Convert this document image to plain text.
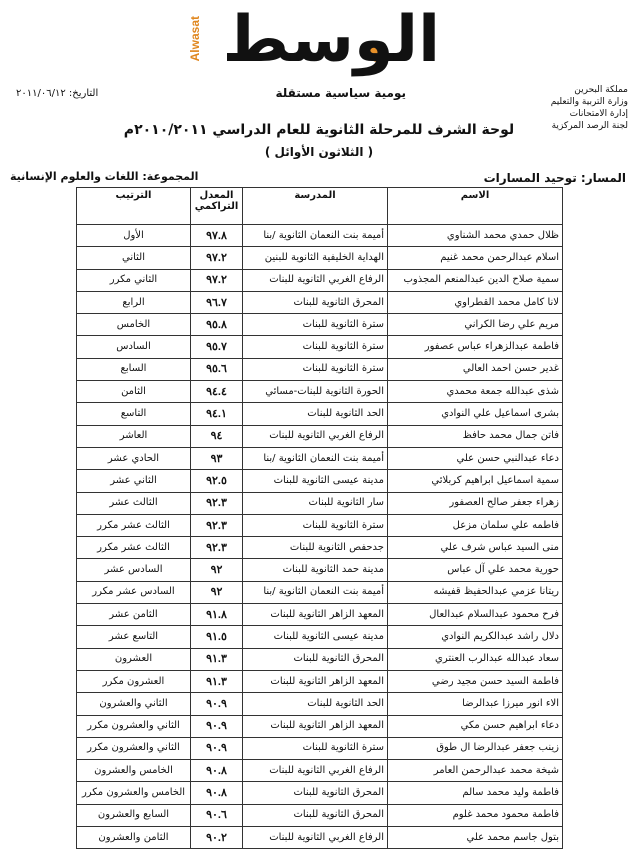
Alwasat الوسط
يومية سياسية مستقلة
التاريخ: ٢٠١١/٠٦/١٢	مملكة البحرين
وزارة التربية والتعليم
إدارة الامتحانات
لجنة الرصد المركزية
لوحة الشرف للمرحلة الثانوية للعام الدراسي ٢٠١٠/٢٠١١م
( الثلاثون الأوائل )
المسار: توحيد المسارات
المجموعة: اللغات والعلوم الإنسانية
الاسم	المدرسة	المعدل التراكمي	الترتيب
ظلال حمدي محمد الشناوي	أميمة بنت النعمان الثانوية /بنا	٩٧.٨	الأول
اسلام عبدالرحمن محمد غنيم	الهداية الخليفية الثانوية للبنين	٩٧.٢	الثاني
سمية صلاح الدين عبدالمنعم المجذوب	الرفاع الغربي الثانوية للبنات	٩٧.٢	الثاني مكرر
لانا كامل محمد القطراوي	المحرق الثانوية للبنات	٩٦.٧	الرابع
مريم علي رضا الكراني	سترة الثانوية للبنات	٩٥.٨	الخامس
فاطمة عبدالزهراء عباس عصفور	سترة الثانوية للبنات	٩٥.٧	السادس
غدير حسن احمد العالي	سترة الثانوية للبنات	٩٥.٦	السابع
شذى عبدالله جمعة محمدي	الحورة الثانوية للبنات-مسائي	٩٤.٤	الثامن
بشرى اسماعيل علي النوادي	الحد الثانوية للبنات	٩٤.١	التاسع
فاتن جمال محمد حافظ	الرفاع الغربي الثانوية للبنات	٩٤	العاشر
دعاء عبدالنبي حسن علي	أميمة بنت النعمان الثانوية /بنا	٩٣	الحادي عشر
سمية اسماعيل ابراهيم كربلائي	مدينة عيسى الثانوية للبنات	٩٢.٥	الثاني عشر
زهراء جعفر صالح العصفور	سار الثانوية للبنات	٩٢.٣	الثالث عشر
فاطمه علي سلمان مزعل	سترة الثانوية للبنات	٩٢.٣	الثالث عشر مكرر
منى السيد عباس شرف علي	جدحفص الثانوية للبنات	٩٢.٣	الثالث عشر مكرر
حورية محمد علي آل عباس	مدينة حمد الثانوية للبنات	٩٢	السادس عشر
ريتانا عزمي عبدالحفيظ قفيشه	أميمة بنت النعمان الثانوية /بنا	٩٢	السادس عشر مكرر
فرح محمود عبدالسلام عبدالعال	المعهد الزاهر الثانوية للبنات	٩١.٨	الثامن عشر
دلال راشد عبدالكريم النوادي	مدينة عيسى الثانوية للبنات	٩١.٥	التاسع عشر
سعاد عبدالله عبدالرب العنتري	المحرق الثانوية للبنات	٩١.٣	العشرون
فاطمة السيد حسن مجيد رضي	المعهد الزاهر الثانوية للبنات	٩١.٣	العشرون مكرر
الاء انور ميرزا عبدالرضا	الحد الثانوية للبنات	٩٠.٩	الثاني والعشرون
دعاء ابراهيم حسن مكي	المعهد الزاهر الثانوية للبنات	٩٠.٩	الثاني والعشرون مكرر
زينب جعفر عبدالرضا ال طوق	سترة الثانوية للبنات	٩٠.٩	الثاني والعشرون مكرر
شيخة محمد عبدالرحمن العامر	الرفاع الغربي الثانوية للبنات	٩٠.٨	الخامس والعشرون
فاطمة وليد محمد سالم	المحرق الثانوية للبنات	٩٠.٨	الخامس والعشرون مكرر
فاطمة محمود محمد غلوم	المحرق الثانوية للبنات	٩٠.٦	السابع والعشرون
بتول جاسم محمد علي	الرفاع الغربي الثانوية للبنات	٩٠.٢	الثامن والعشرون
